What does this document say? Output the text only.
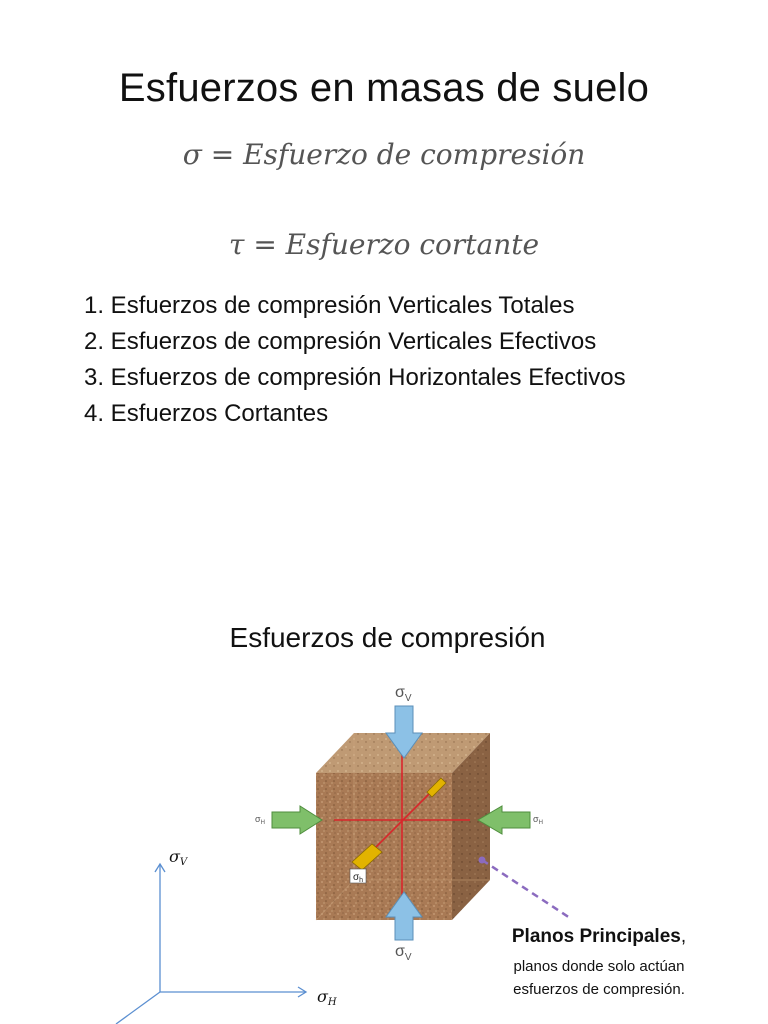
Esfuerzos en masas de suelo
σ = Esfuerzo de compresión
τ = Esfuerzo cortante
1. Esfuerzos de compresión Verticales Totales
2. Esfuerzos de compresión Verticales Efectivos
3. Esfuerzos de compresión Horizontales Efectivos
4. Esfuerzos Cortantes
Esfuerzos de compresión
$\sigma_h$
$\sigma_V$
$\sigma_V$
$\sigma_H$	$\sigma_H$
σV
σH
Planos Principales,
planos donde solo actúan
esfuerzos de compresión.
